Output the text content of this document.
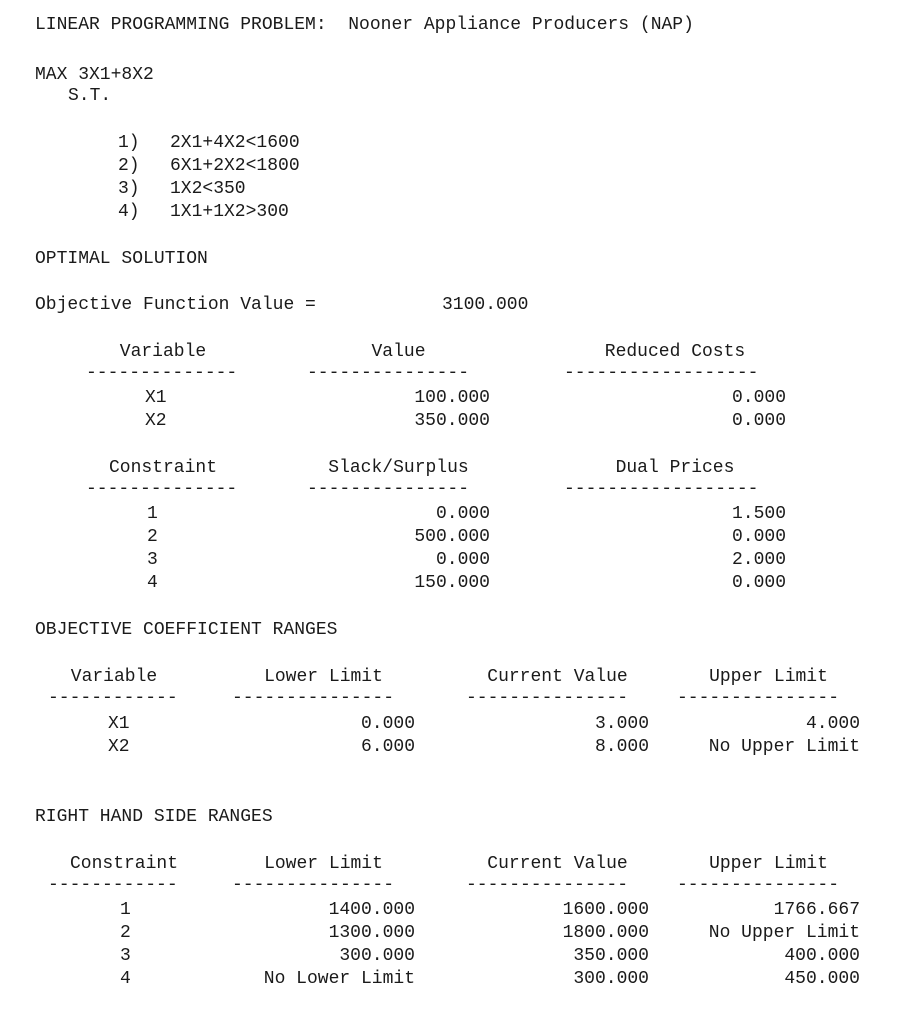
LINEAR PROGRAMMING PROBLEM:  Nooner Appliance Producers (NAP)
MAX 3X1+8X2
S.T.
1) 2X1+4X2<1600
2) 6X1+2X2<1800
3) 1X2<350
4) 1X1+1X2>300
OPTIMAL SOLUTION
Objective Function Value =	3100.000
Variable	Value	Reduced Costs
--------------	---------------	------------------
X1	100.000	0.000
X2	350.000	0.000
Constraint	Slack/Surplus	Dual Prices
--------------	---------------	------------------
1	0.000	1.500
2	500.000	0.000
3	0.000	2.000
4	150.000	0.000
OBJECTIVE COEFFICIENT RANGES
Variable	Lower Limit	Current Value	Upper Limit
------------	---------------	---------------	---------------
X1	0.000	3.000	4.000
X2	6.000	8.000	No Upper Limit
RIGHT HAND SIDE RANGES
Constraint	Lower Limit	Current Value	Upper Limit
------------	---------------	---------------	---------------
1	1400.000	1600.000	1766.667
2	1300.000	1800.000	No Upper Limit
3	300.000	350.000	400.000
4	No Lower Limit	300.000	450.000
